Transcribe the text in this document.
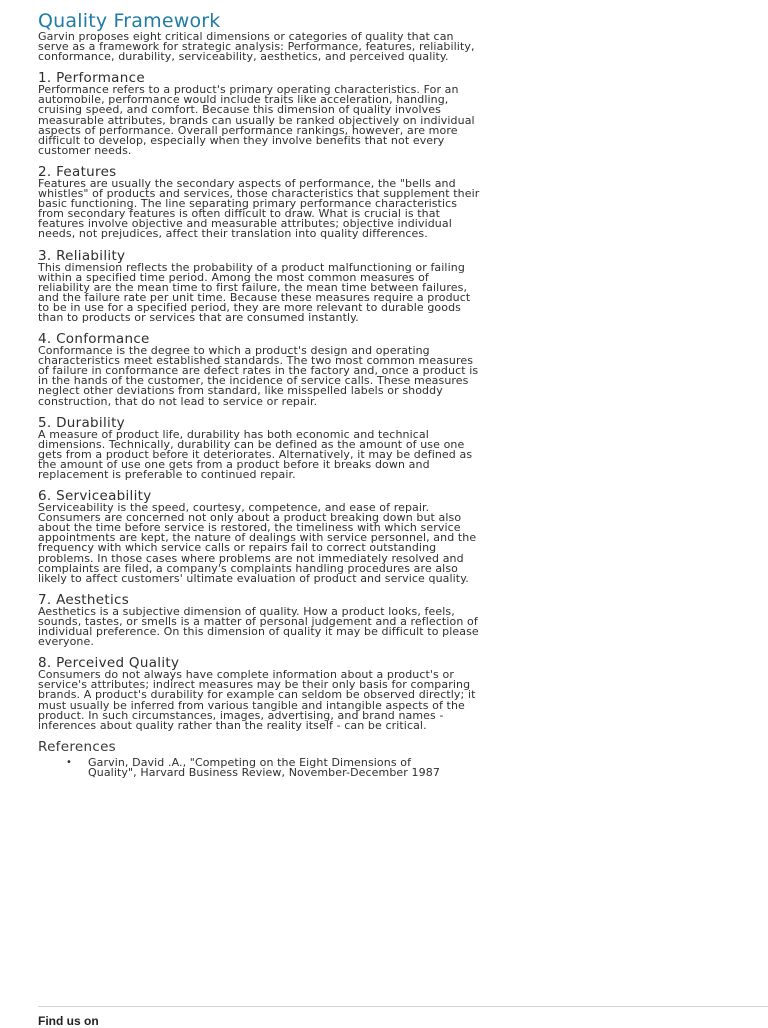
Quality Framework

Garvin proposes eight critical dimensions or categories of quality that can serve as a framework for strategic analysis: Performance, features, reliability, conformance, durability, serviceability, aesthetics, and perceived quality.

1. Performance

Performance refers to a product's primary operating characteristics. For an automobile, performance would include traits like acceleration, handling, cruising speed, and comfort. Because this dimension of quality involves measurable attributes, brands can usually be ranked objectively on individual aspects of performance. Overall performance rankings, however, are more difficult to develop, especially when they involve benefits that not every customer needs.

2. Features

Features are usually the secondary aspects of performance, the "bells and whistles" of products and services, those characteristics that supplement their basic functioning. The line separating primary performance characteristics from secondary features is often difficult to draw. What is crucial is that features involve objective and measurable attributes; objective individual needs, not prejudices, affect their translation into quality differences.

3. Reliability

This dimension reflects the probability of a product malfunctioning or failing within a specified time period. Among the most common measures of reliability are the mean time to first failure, the mean time between failures, and the failure rate per unit time. Because these measures require a product to be in use for a specified period, they are more relevant to durable goods than to products or services that are consumed instantly.

4. Conformance

Conformance is the degree to which a product's design and operating characteristics meet established standards. The two most common measures of failure in conformance are defect rates in the factory and, once a product is in the hands of the customer, the incidence of service calls. These measures neglect other deviations from standard, like misspelled labels or shoddy construction, that do not lead to service or repair.

5. Durability

A measure of product life, durability has both economic and technical dimensions. Technically, durability can be defined as the amount of use one gets from a product before it deteriorates. Alternatively, it may be defined as the amount of use one gets from a product before it breaks down and replacement is preferable to continued repair.

6. Serviceability

Serviceability is the speed, courtesy, competence, and ease of repair. Consumers are concerned not only about a product breaking down but also about the time before service is restored, the timeliness with which service appointments are kept, the nature of dealings with service personnel, and the frequency with which service calls or repairs fail to correct outstanding problems. In those cases where problems are not immediately resolved and complaints are filed, a company's complaints handling procedures are also likely to affect customers' ultimate evaluation of product and service quality.

7. Aesthetics

Aesthetics is a subjective dimension of quality. How a product looks, feels, sounds, tastes, or smells is a matter of personal judgement and a reflection of individual preference. On this dimension of quality it may be difficult to please everyone.

8. Perceived Quality

Consumers do not always have complete information about a product's or service's attributes; indirect measures may be their only basis for comparing brands. A product's durability for example can seldom be observed directly; it must usually be inferred from various tangible and intangible aspects of the product. In such circumstances, images, advertising, and brand names - inferences about quality rather than the reality itself - can be critical.

References
• Garvin, David .A., "Competing on the Eight Dimensions of Quality", Harvard Business Review, November-December 1987
Find us on
